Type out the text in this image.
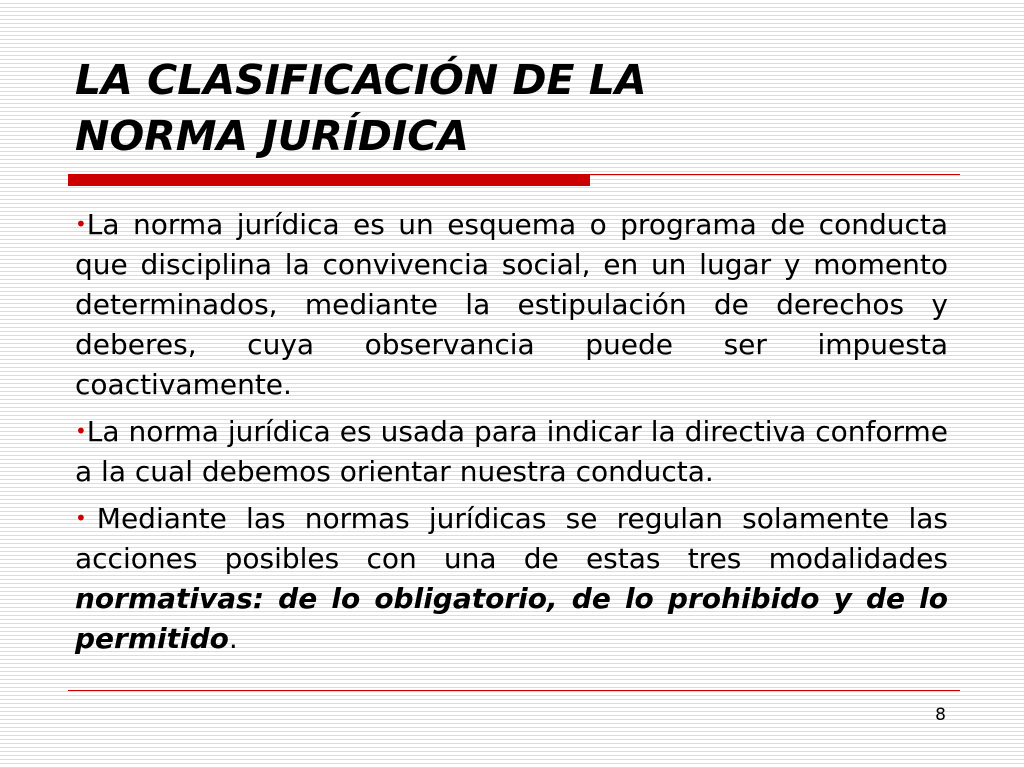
LA CLASIFICACIÓN DE LA
NORMA JURÍDICA

•La norma jurídica es un esquema o programa de conducta que disciplina la convivencia social, en un lugar y momento determinados, mediante la estipulación de derechos y deberes, cuya observancia puede ser impuesta coactivamente.

•La norma jurídica es usada para indicar la directiva conforme a la cual debemos orientar nuestra conducta.

• Mediante las normas jurídicas se regulan solamente las acciones posibles con una de estas tres modalidades normativas: de lo obligatorio, de lo prohibido y de lo permitido.

8
